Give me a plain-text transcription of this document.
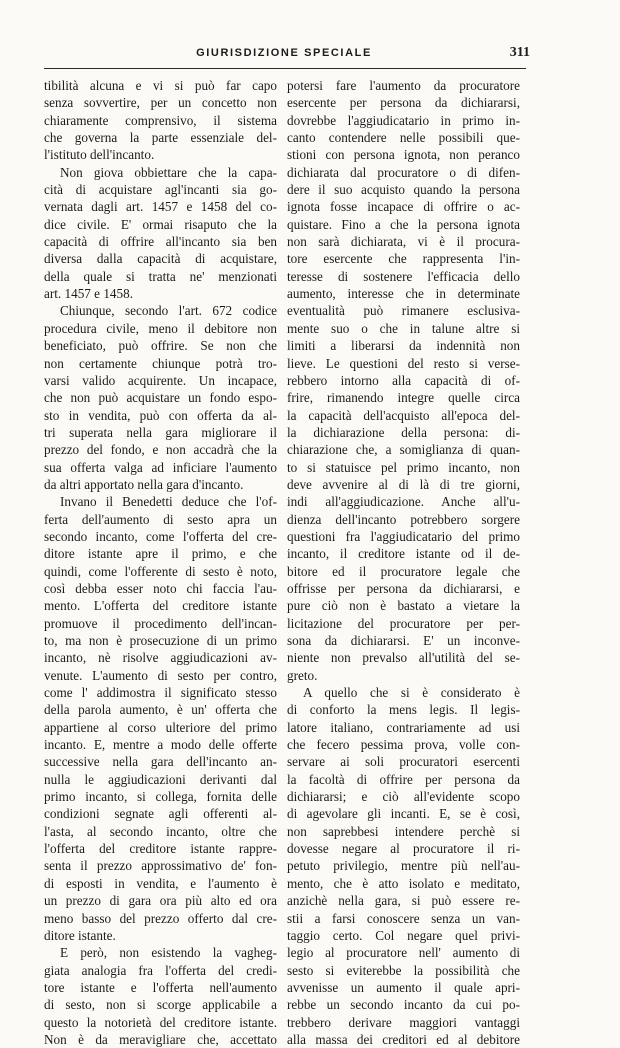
GIURISDIZIONE SPECIALE	311
tibilità alcuna e vi si può far capo
senza sovvertire, per un concetto non
chiaramente comprensivo, il sistema
che governa la parte essenziale del-
l'istituto dell'incanto.
Non giova obbiettare che la capa-
cità di acquistare agl'incanti sia go-
vernata dagli art. 1457 e 1458 del co-
dice civile. E' ormai risaputo che la
capacità di offrire all'incanto sia ben
diversa dalla capacità di acquistare,
della quale si tratta ne' menzionati
art. 1457 e 1458.
Chiunque, secondo l'art. 672 codice
procedura civile, meno il debitore non
beneficiato, può offrire. Se non che
non certamente chiunque potrà tro-
varsi valido acquirente. Un incapace,
che non può acquistare un fondo espo-
sto in vendita, può con offerta da al-
tri superata nella gara migliorare il
prezzo del fondo, e non accadrà che la
sua offerta valga ad inficiare l'aumento
da altri apportato nella gara d'incanto.
Invano il Benedetti deduce che l'of-
ferta dell'aumento di sesto apra un
secondo incanto, come l'offerta del cre-
ditore istante apre il primo, e che
quindi, come l'offerente di sesto è noto,
così debba esser noto chi faccia l'au-
mento. L'offerta del creditore istante
promuove il procedimento dell'incan-
to, ma non è prosecuzione di un primo
incanto, nè risolve aggiudicazioni av-
venute. L'aumento di sesto per contro,
come l' addimostra il significato stesso
della parola aumento, è un' offerta che
appartiene al corso ulteriore del primo
incanto. E, mentre a modo delle offerte
successive nella gara dell'incanto an-
nulla le aggiudicazioni derivanti dal
primo incanto, si collega, fornita delle
condizioni segnate agli offerenti al-
l'asta, al secondo incanto, oltre che
l'offerta del creditore istante rappre-
senta il prezzo approssimativo de' fon-
di esposti in vendita, e l'aumento è
un prezzo di gara ora più alto ed ora
meno basso del prezzo offerto dal cre-
ditore istante.
E però, non esistendo la vagheg-
giata analogia fra l'offerta del credi-
tore istante e l'offerta nell'aumento
di sesto, non si scorge applicabile a
questo la notorietà del creditore istante.
Non è da meravigliare che, accettato
potersi fare l'aumento da procuratore
esercente per persona da dichiararsi,
dovrebbe l'aggiudicatario in primo in-
canto contendere nelle possibili que-
stioni con persona ignota, non peranco
dichiarata dal procuratore o di difen-
dere il suo acquisto quando la persona
ignota fosse incapace di offrire o ac-
quistare. Fino a che la persona ignota
non sarà dichiarata, vi è il procura-
tore esercente che rappresenta l'in-
teresse di sostenere l'efficacia dello
aumento, interesse che in determinate
eventualità può rimanere esclusiva-
mente suo o che in talune altre si
limiti a liberarsi da indennità non
lieve. Le questioni del resto si verse-
rebbero intorno alla capacità di of-
frire, rimanendo integre quelle circa
la capacità dell'acquisto all'epoca del-
la dichiarazione della persona: di-
chiarazione che, a somiglianza di quan-
to si statuisce pel primo incanto, non
deve avvenire al di là di tre giorni,
indi all'aggiudicazione. Anche all'u-
dienza dell'incanto potrebbero sorgere
questioni fra l'aggiudicatario del primo
incanto, il creditore istante od il de-
bitore ed il procuratore legale che
offrisse per persona da dichiararsi, e
pure ciò non è bastato a vietare la
licitazione del procuratore per per-
sona da dichiararsi. E' un inconve-
niente non prevalso all'utilità del se-
greto.
A quello che si è considerato è
di conforto la mens legis. Il legis-
latore italiano, contrariamente ad usi
che fecero pessima prova, volle con-
servare ai soli procuratori esercenti
la facoltà di offrire per persona da
dichiararsi; e ciò all'evidente scopo
di agevolare gli incanti. E, se è così,
non saprebbesi intendere perchè si
dovesse negare al procuratore il ri-
petuto privilegio, mentre più nell'au-
mento, che è atto isolato e meditato,
anzichè nella gara, si può essere re-
stii a farsi conoscere senza un van-
taggio certo. Col negare quel privi-
legio al procuratore nell' aumento di
sesto si eviterebbe la possibilità che
avvenisse un aumento il quale apri-
rebbe un secondo incanto da cui po-
trebbero derivare maggiori vantaggi
alla massa dei creditori ed al debitore
